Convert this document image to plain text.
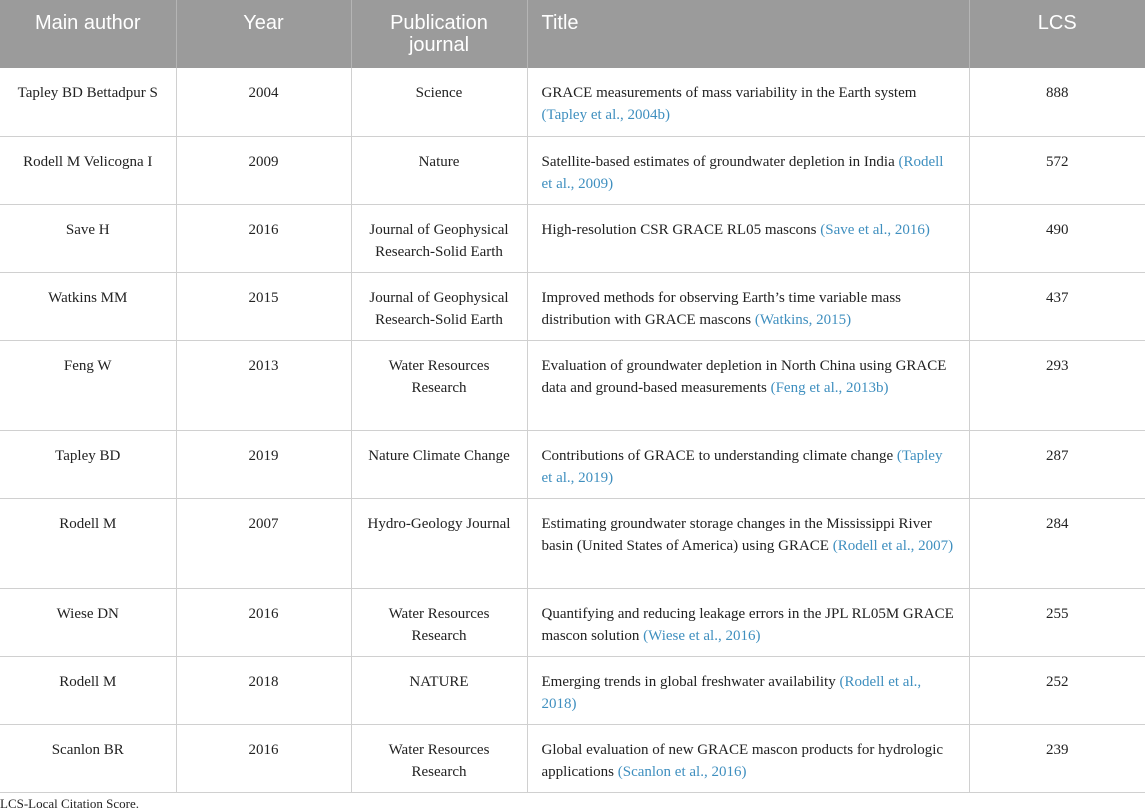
Main author	Year	Publication journal	Title	LCS
Tapley BD Bettadpur S	2004	Science	GRACE measurements of mass variability in the Earth system (Tapley et al., 2004b)	888
Rodell M Velicogna I	2009	Nature	Satellite-based estimates of groundwater depletion in India (Rodell et al., 2009)	572
Save H	2016	Journal of Geophysical Research-Solid Earth	High-resolution CSR GRACE RL05 mascons (Save et al., 2016)	490
Watkins MM	2015	Journal of Geophysical Research-Solid Earth	Improved methods for observing Earth’s time variable mass distribution with GRACE mascons (Watkins, 2015)	437
Feng W	2013	Water Resources Research	Evaluation of groundwater depletion in North China using GRACE data and ground-based measurements (Feng et al., 2013b)	293
Tapley BD	2019	Nature Climate Change	Contributions of GRACE to understanding climate change (Tapley et al., 2019)	287
Rodell M	2007	Hydro-Geology Journal	Estimating groundwater storage changes in the Mississippi River basin (United States of America) using GRACE (Rodell et al., 2007)	284
Wiese DN	2016	Water Resources Research	Quantifying and reducing leakage errors in the JPL RL05M GRACE mascon solution (Wiese et al., 2016)	255
Rodell M	2018	NATURE	Emerging trends in global freshwater availability (Rodell et al., 2018)	252
Scanlon BR	2016	Water Resources Research	Global evaluation of new GRACE mascon products for hydrologic applications (Scanlon et al., 2016)	239
LCS-Local Citation Score.
